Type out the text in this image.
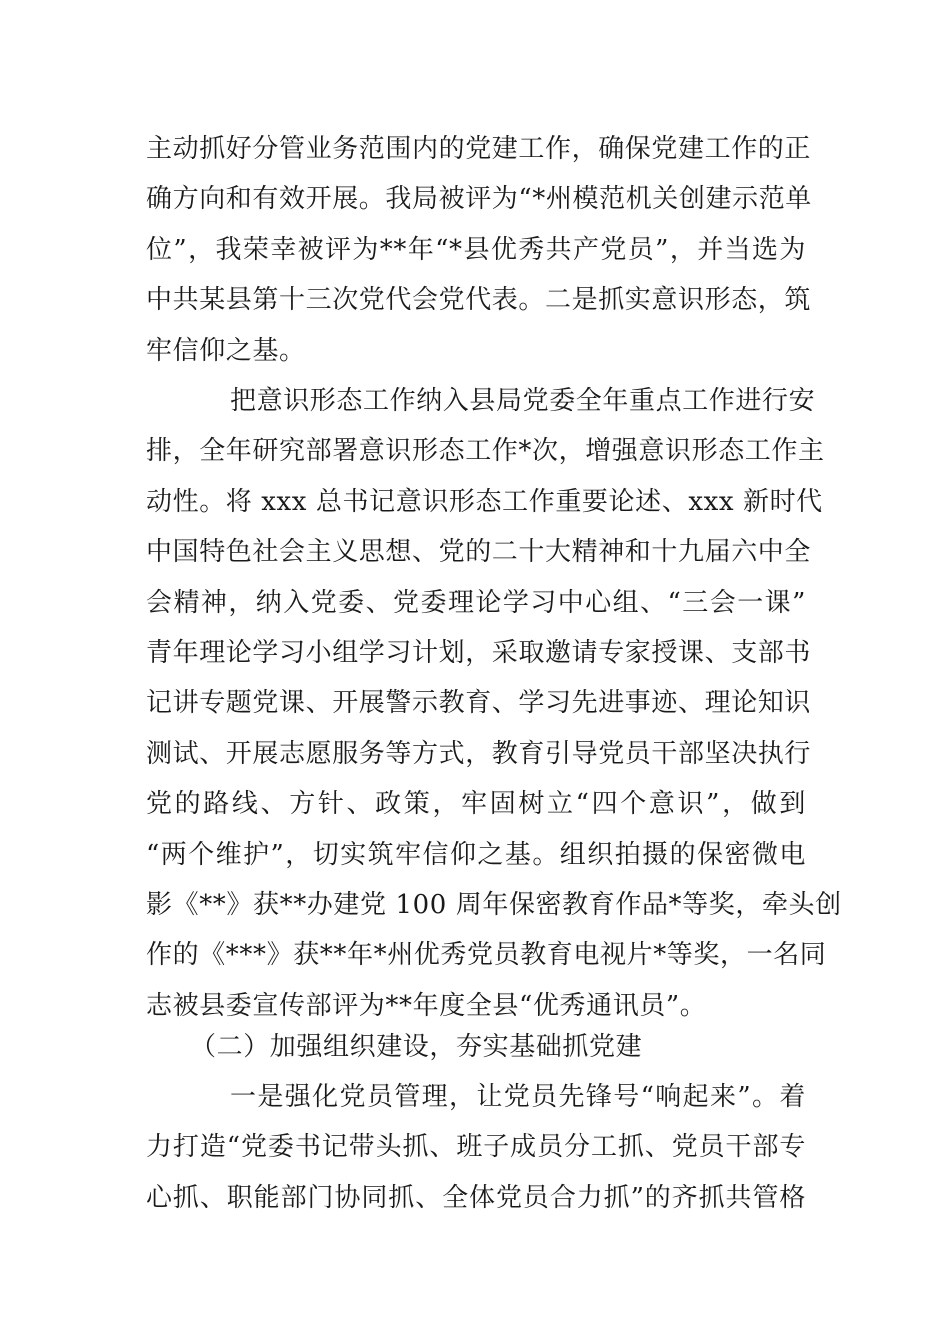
主动抓好分管业务范围内的党建工作，确保党建工作的正
确方向和有效开展。我局被评为“*州模范机关创建示范单
位”，我荣幸被评为**年“*县优秀共产党员”，并当选为
中共某县第十三次党代会党代表。二是抓实意识形态，筑
牢信仰之基。
把意识形态工作纳入县局党委全年重点工作进行安
排，全年研究部署意识形态工作*次，增强意识形态工作主
动性。将 xxx 总书记意识形态工作重要论述、xxx 新时代
中国特色社会主义思想、党的二十大精神和十九届六中全
会精神，纳入党委、党委理论学习中心组、“三会一课”
青年理论学习小组学习计划，采取邀请专家授课、支部书
记讲专题党课、开展警示教育、学习先进事迹、理论知识
测试、开展志愿服务等方式，教育引导党员干部坚决执行
党的路线、方针、政策，牢固树立“四个意识”，做到
“两个维护”，切实筑牢信仰之基。组织拍摄的保密微电
影《**》获**办建党 100 周年保密教育作品*等奖，牵头创
作的《***》获**年*州优秀党员教育电视片*等奖，一名同
志被县委宣传部评为**年度全县“优秀通讯员”。
（二）加强组织建设，夯实基础抓党建
一是强化党员管理，让党员先锋号“响起来”。着
力打造“党委书记带头抓、班子成员分工抓、党员干部专
心抓、职能部门协同抓、全体党员合力抓”的齐抓共管格
